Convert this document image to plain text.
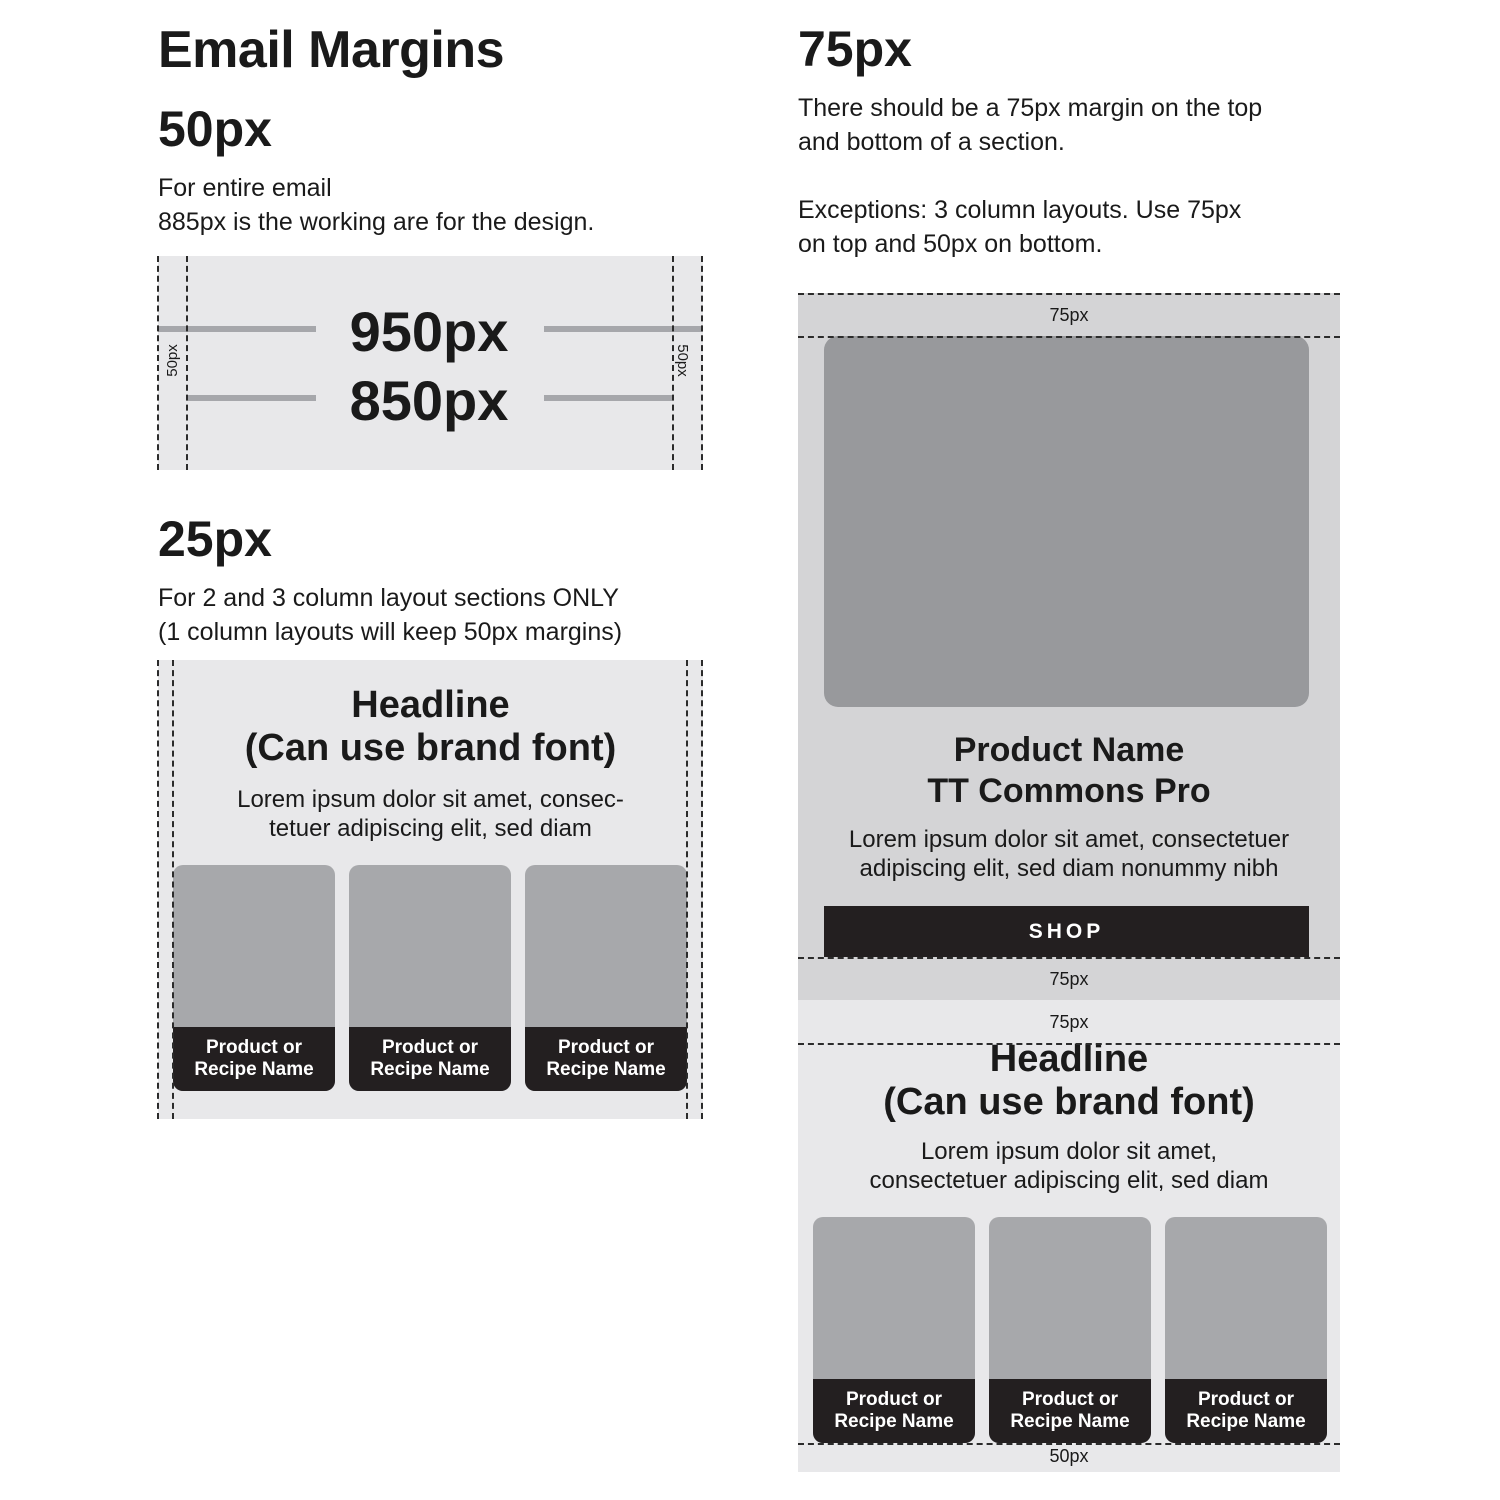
Email Margins
50px
For entire email
885px is the working are for the design.
950px
850px
50px	50px
25px
For 2 and 3 column layout sections ONLY
(1 column layouts will keep 50px margins)
Headline
(Can use brand font)
Lorem ipsum dolor sit amet, consec-
tetuer adipiscing elit, sed diam
Product or
Recipe Name
Product or
Recipe Name
Product or
Recipe Name
75px
There should be a 75px margin on the top
and bottom of a section.

Exceptions: 3 column layouts. Use 75px
on top and 50px on bottom.
75px
Product Name
TT Commons Pro
Lorem ipsum dolor sit amet, consectetuer
adipiscing elit, sed diam nonummy nibh
SHOP
75px
75px
Headline
(Can use brand font)
Lorem ipsum dolor sit amet,
consectetuer adipiscing elit, sed diam
Product or
Recipe Name
Product or
Recipe Name
Product or
Recipe Name
50px
